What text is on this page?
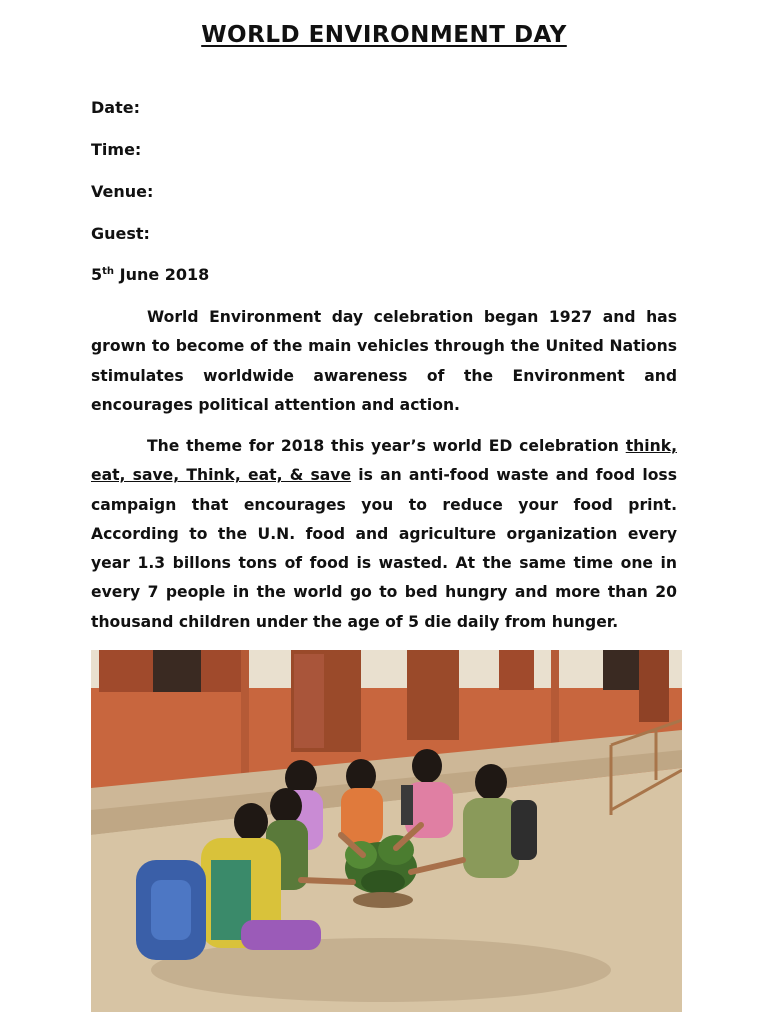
WORLD ENVIRONMENT DAY
Date:
Time:
Venue:
Guest:
5th June 2018

World Environment day celebration began 1927 and has grown to become of the main vehicles through the United Nations stimulates worldwide awareness of the Environment and encourages political attention and action.

The theme for 2018 this year’s world ED celebration think, eat, save, Think, eat, & save is an anti-food waste and food loss campaign that encourages you to reduce your food print. According to the U.N. food and agriculture organization every year 1.3 billons tons of food is wasted. At the same time one in every 7 people in the world go to bed hungry and more than 20 thousand children under the age of 5 die daily from hunger.
